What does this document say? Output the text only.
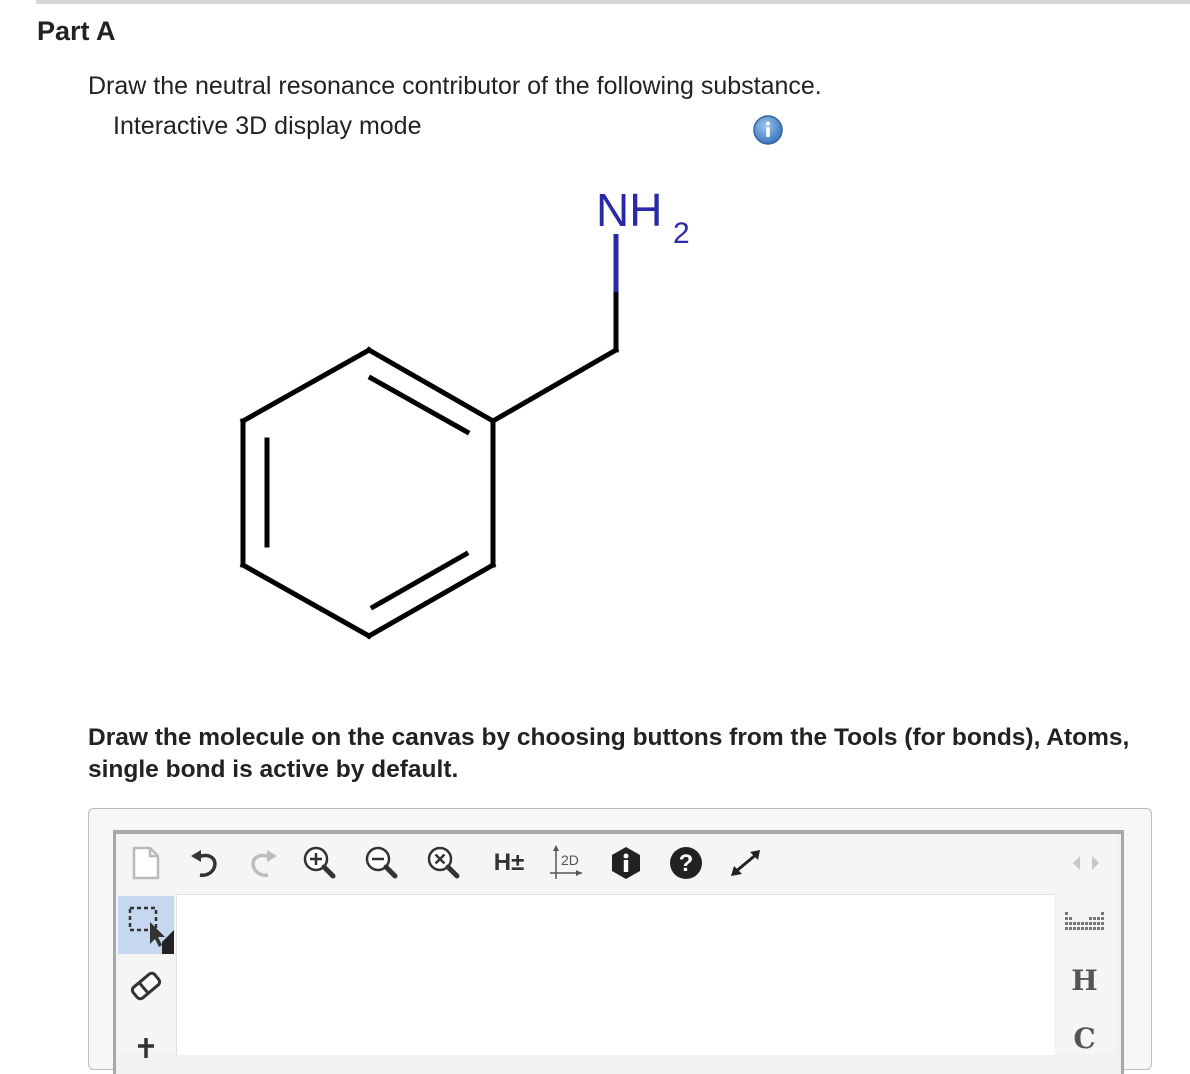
Part A
Draw the neutral resonance contributor of the following substance.
Interactive 3D display mode
NH 2
Draw the molecule on the canvas by choosing buttons from the Tools (for bonds), Atoms,
single bond is active by default.
H±	2D	?
H
C
